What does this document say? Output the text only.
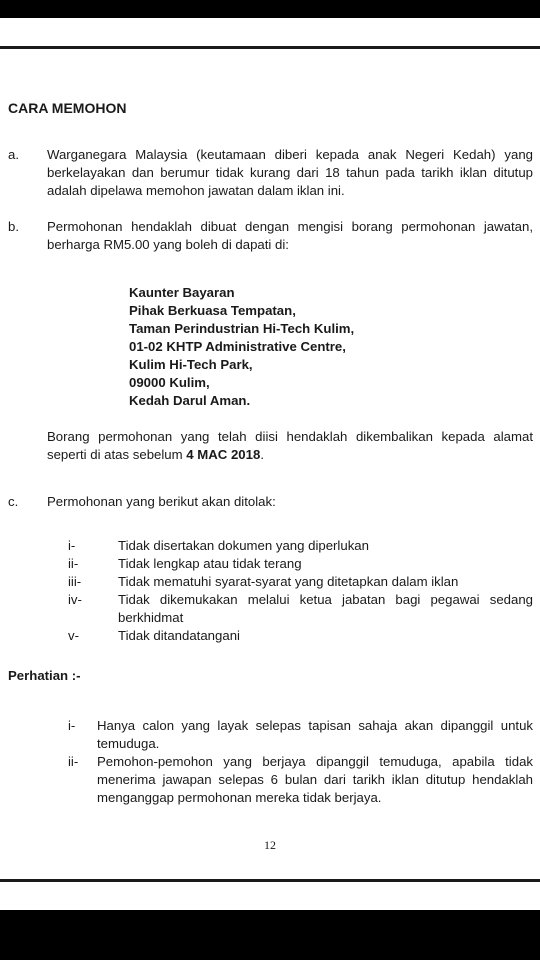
CARA MEMOHON
a. Warganegara Malaysia (keutamaan diberi kepada anak Negeri Kedah) yang
berkelayakan dan berumur tidak kurang dari 18 tahun pada tarikh iklan ditutup
adalah dipelawa memohon jawatan dalam iklan ini.
b. Permohonan hendaklah dibuat dengan mengisi borang permohonan jawatan,
berharga RM5.00 yang boleh di dapati di:
Kaunter Bayaran
Pihak Berkuasa Tempatan,
Taman Perindustrian Hi-Tech Kulim,
01-02 KHTP Administrative Centre,
Kulim Hi-Tech Park,
09000 Kulim,
Kedah Darul Aman.
Borang permohonan yang telah diisi hendaklah dikembalikan kepada alamat
seperti di atas sebelum 4 MAC 2018.
c. Permohonan yang berikut akan ditolak:
i-	Tidak disertakan dokumen yang diperlukan
ii-	Tidak lengkap atau tidak terang
iii-	Tidak mematuhi syarat-syarat yang ditetapkan dalam iklan
iv-	Tidak dikemukakan melalui ketua jabatan bagi pegawai sedang
berkhidmat
v-	Tidak ditandatangani
Perhatian :-
i- Hanya calon yang layak selepas tapisan sahaja akan dipanggil untuk
temuduga.
ii- Pemohon-pemohon yang berjaya dipanggil temuduga, apabila tidak
menerima jawapan selepas 6 bulan dari tarikh iklan ditutup hendaklah
menganggap permohonan mereka tidak berjaya.
12
